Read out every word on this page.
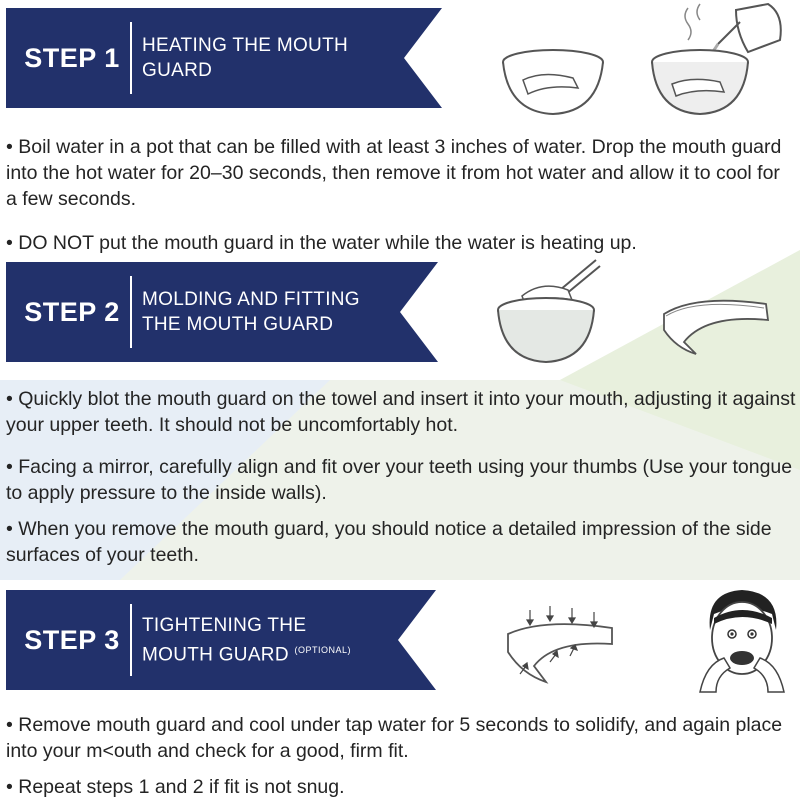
STEP 1	HEATING THE MOUTH
GUARD
• Boil water in a pot that can be filled with at least 3 inches of water. Drop the mouth guard into the hot water for 20–30 seconds, then remove it from hot water and allow it to cool for a few seconds.
• DO NOT put the mouth guard in the water while the water is heating up.
STEP 2	MOLDING AND FITTING
THE MOUTH GUARD
• Quickly blot the mouth guard on the towel and insert it into your mouth, adjusting it against your upper teeth. It should not be uncomfortably hot.
• Facing a mirror, carefully align and fit over your teeth using your thumbs (Use your tongue to apply pressure to the inside walls).
• When you remove the mouth guard, you should notice a detailed impression of the side surfaces of your teeth.
STEP 3	TIGHTENING THE
MOUTH GUARD $^{(OPTIONAL)}$
• Remove mouth guard and cool under tap water for 5 seconds to solidify, and again place into your m<outh and check for a good, firm fit.
• Repeat steps 1 and 2 if fit is not snug.
